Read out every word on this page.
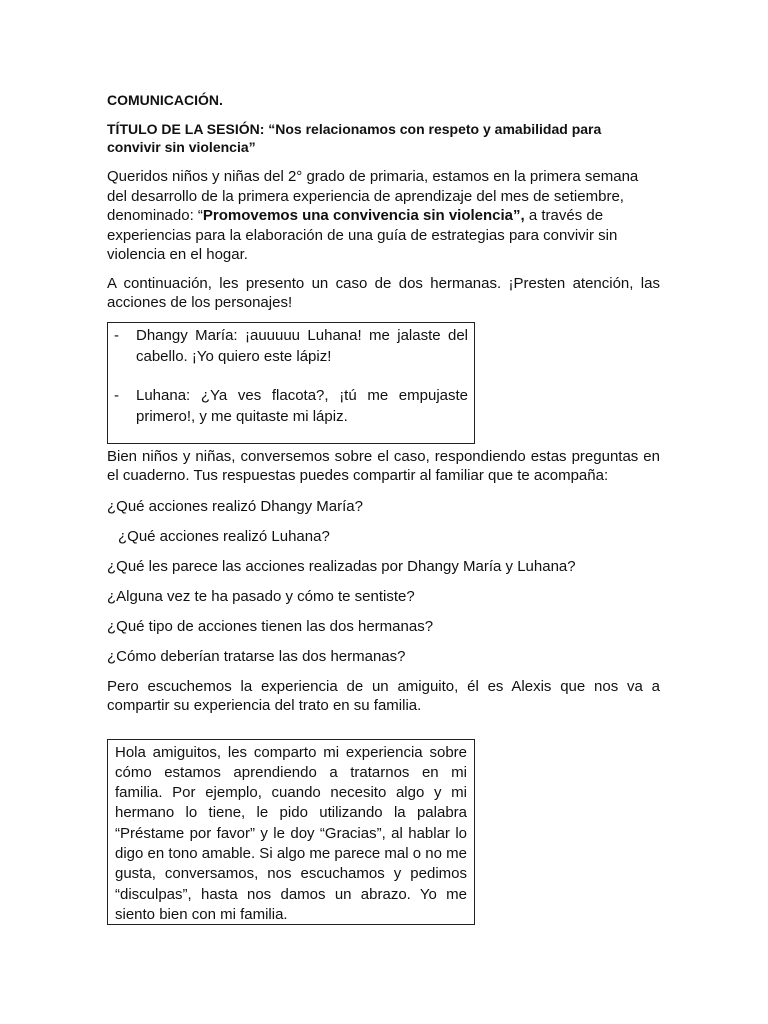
COMUNICACIÓN.
TÍTULO DE LA SESIÓN: “Nos relacionamos con respeto y amabilidad para convivir sin violencia”

Queridos niños y niñas del 2° grado de primaria, estamos en la primera semana del desarrollo de la primera experiencia de aprendizaje del mes de setiembre, denominado: “Promovemos una convivencia sin violencia”, a través de experiencias para la elaboración de una guía de estrategias para convivir sin violencia en el hogar.

A continuación, les presento un caso de dos hermanas. ¡Presten atención, las acciones de los personajes!

-	Dhangy María: ¡auuuuu Luhana! me jalaste del cabello. ¡Yo quiero este lápiz!
-	Luhana: ¿Ya ves flacota?, ¡tú me empujaste primero!, y me quitaste mi lápiz.

Bien niños y niñas, conversemos sobre el caso, respondiendo estas preguntas en el cuaderno. Tus respuestas puedes compartir al familiar que te acompaña:

¿Qué acciones realizó Dhangy María?
¿Qué acciones realizó Luhana?
¿Qué les parece las acciones realizadas por Dhangy María y Luhana?
¿Alguna vez te ha pasado y cómo te sentiste?
¿Qué tipo de acciones tienen las dos hermanas?
¿Cómo deberían tratarse las dos hermanas?

Pero escuchemos la experiencia de un amiguito, él es Alexis que nos va a compartir su experiencia del trato en su familia.

Hola amiguitos, les comparto mi experiencia sobre cómo estamos aprendiendo a tratarnos en mi familia. Por ejemplo, cuando necesito algo y mi hermano lo tiene, le pido utilizando la palabra “Préstame por favor” y le doy “Gracias”, al hablar lo digo en tono amable. Si algo me parece mal o no me gusta, conversamos, nos escuchamos y pedimos “disculpas”, hasta nos damos un abrazo. Yo me siento bien con mi familia.
